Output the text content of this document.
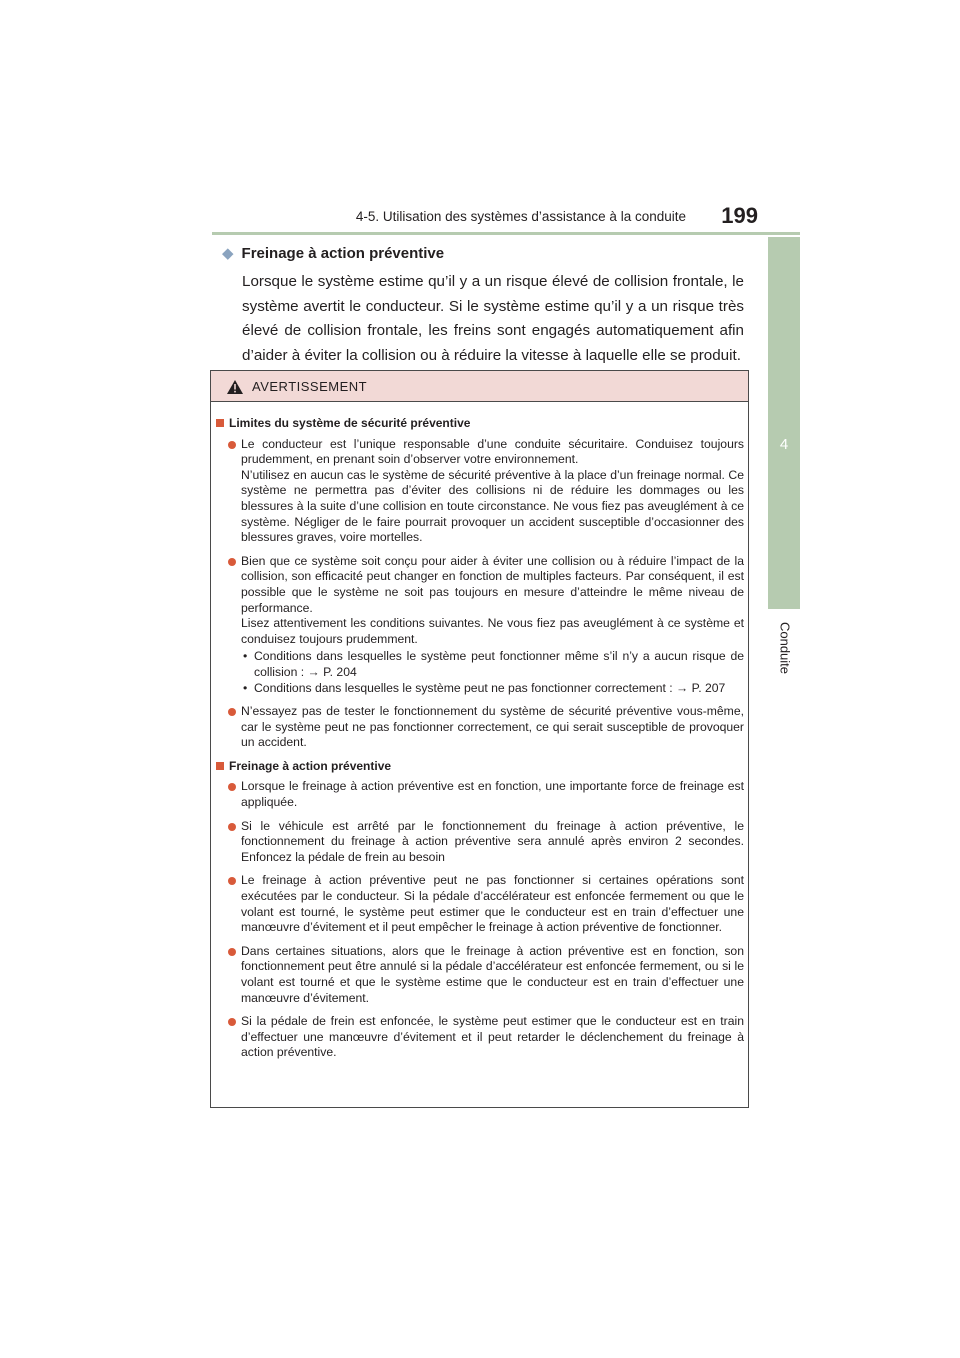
4-5. Utilisation des systèmes d’assistance à la conduite 199
4
Conduite
◆ Freinage à action préventive
Lorsque le système estime qu’il y a un risque élevé de collision frontale, le système avertit le conducteur. Si le système estime qu’il y a un risque très élevé de collision frontale, les freins sont engagés automatiquement afin d’aider à éviter la collision ou à réduire la vitesse à laquelle elle se produit.
AVERTISSEMENT
Limites du système de sécurité préventive

Le conducteur est l’unique responsable d’une conduite sécuritaire. Conduisez toujours prudemment, en prenant soin d’observer votre environnement.

N’utilisez en aucun cas le système de sécurité préventive à la place d’un freinage normal. Ce système ne permettra pas d’éviter des collisions ni de réduire les dommages ou les blessures à la suite d’une collision en toute circonstance. Ne vous fiez pas aveuglément à ce système. Négliger de le faire pourrait provoquer un accident susceptible d’occasionner des blessures graves, voire mortelles.

Bien que ce système soit conçu pour aider à éviter une collision ou à réduire l’impact de la collision, son efficacité peut changer en fonction de multiples facteurs. Par conséquent, il est possible que le système ne soit pas toujours en mesure d’atteindre le même niveau de performance.

Lisez attentivement les conditions suivantes. Ne vous fiez pas aveuglément à ce système et conduisez toujours prudemment.

• Conditions dans lesquelles le système peut fonctionner même s’il n’y a aucun risque de collision : → P. 204
• Conditions dans lesquelles le système peut ne pas fonctionner correctement : → P. 207

N’essayez pas de tester le fonctionnement du système de sécurité préventive vous-même, car le système peut ne pas fonctionner correctement, ce qui serait susceptible de provoquer un accident.

Freinage à action préventive

Lorsque le freinage à action préventive est en fonction, une importante force de freinage est appliquée.

Si le véhicule est arrêté par le fonctionnement du freinage à action préventive, le fonctionnement du freinage à action préventive sera annulé après environ 2 secondes. Enfoncez la pédale de frein au besoin

Le freinage à action préventive peut ne pas fonctionner si certaines opérations sont exécutées par le conducteur. Si la pédale d’accélérateur est enfoncée fermement ou que le volant est tourné, le système peut estimer que le conducteur est en train d’effectuer une manœuvre d’évitement et il peut empêcher le freinage à action préventive de fonctionner.

Dans certaines situations, alors que le freinage à action préventive est en fonction, son fonctionnement peut être annulé si la pédale d’accélérateur est enfoncée fermement, ou si le volant est tourné et que le système estime que le conducteur est en train d’effectuer une manœuvre d’évitement.

Si la pédale de frein est enfoncée, le système peut estimer que le conducteur est en train d’effectuer une manœuvre d’évitement et il peut retarder le déclenchement du freinage à action préventive.
